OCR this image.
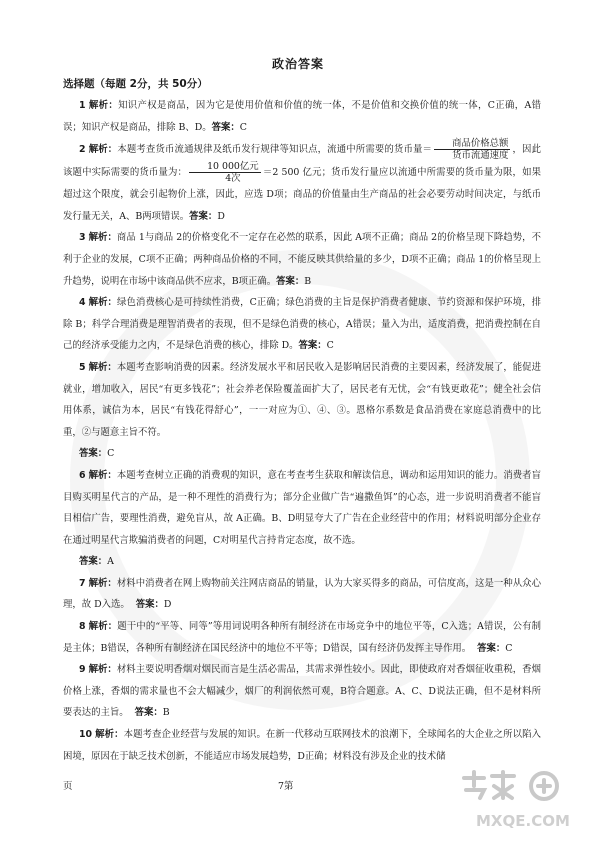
政治答案
选择题（每题 2分，共 50分）

1 解析：知识产权是商品，因为它是使用价值和价值的统一体，不是价值和交换价值的统一体，C正确，A错误；知识产权是商品，排除 B、D。答案：C

2 解析：本题考查货币流通规律及纸币发行规律等知识点，流通中所需要的货币量＝ $\frac{\text{商品价格总额}}{\text{货币流通速度}}$ ，因此该题中实际需要的货币量为： $\frac{\text{10 000亿元}}{\text{4次}} =2$ 500 亿元；货币发行量应以流通中所需要的货币量为限，如果超过这个限度，就会引起物价上涨，因此，应选 D项；商品的价值量由生产商品的社会必要劳动时间决定，与纸币发行量无关，A、B两项错误。答案：D

3 解析：商品 1与商品 2的价格变化不一定存在必然的联系，因此 A项不正确；商品 2的价格呈现下降趋势，不利于企业的发展，C项不正确；两种商品价格的不同，不能反映其供给量的多少，D项不正确；商品 1的价格呈现上升趋势，说明在市场中该商品供不应求，B项正确。答案：B

4 解析：绿色消费核心是可持续性消费，C正确；绿色消费的主旨是保护消费者健康、节约资源和保护环境，排除 B；科学合理消费是理智消费者的表现，但不是绿色消费的核心，A错误；量入为出，适度消费，把消费控制在自己的经济承受能力之内，不是绿色消费的核心，排除 D。答案：C

5 解析：本题考查影响消费的因素。经济发展水平和居民收入是影响居民消费的主要因素，经济发展了，能促进就业，增加收入，居民“有更多钱花”；社会养老保险覆盖面扩大了，居民老有无忧，会“有钱更敢花”；健全社会信用体系，诚信为本，居民“有钱花得舒心”，一一对应为①、④、③。恩格尔系数是食品消费在家庭总消费中的比重，②与题意主旨不符。

答案：C

6 解析：本题考查树立正确的消费观的知识，意在考查考生获取和解读信息，调动和运用知识的能力。消费者盲目购买明星代言的产品，是一种不理性的消费行为；部分企业做广告“遍撒鱼饵”的心态，进一步说明消费者不能盲目相信广告，要理性消费，避免盲从，故 A正确。B、D明显夸大了广告在企业经营中的作用；材料说明部分企业存在通过明星代言欺骗消费者的问题，C对明星代言持肯定态度，故不选。

答案：A

7 解析：材料中消费者在网上购物前关注网店商品的销量，认为大家买得多的商品，可信度高，这是一种从众心理，故 D入选。 答案：D

8 解析：题干中的“平等、同等”等用词说明各种所有制经济在市场竞争中的地位平等，C入选；A错误，公有制是主体；B错误，各种所有制经济在国民经济中的地位不平等；D错误，国有经济仍发挥主导作用。 答案：C

9 解析：材料主要说明香烟对烟民而言是生活必需品，其需求弹性较小。因此，即使政府对香烟征收重税，香烟价格上涨，香烟的需求量也不会大幅减少，烟厂的利润依然可观，B符合题意。A、C、D说法正确，但不是材料所要表达的主旨。 答案：B

10 解析：本题考查企业经营与发展的知识。在新一代移动互联网技术的浪潮下，全球闻名的大企业之所以陷入困境，原因在于缺乏技术创新，不能适应市场发展趋势，D正确；材料没有涉及企业的技术储

页	7第
MXQE.COM
